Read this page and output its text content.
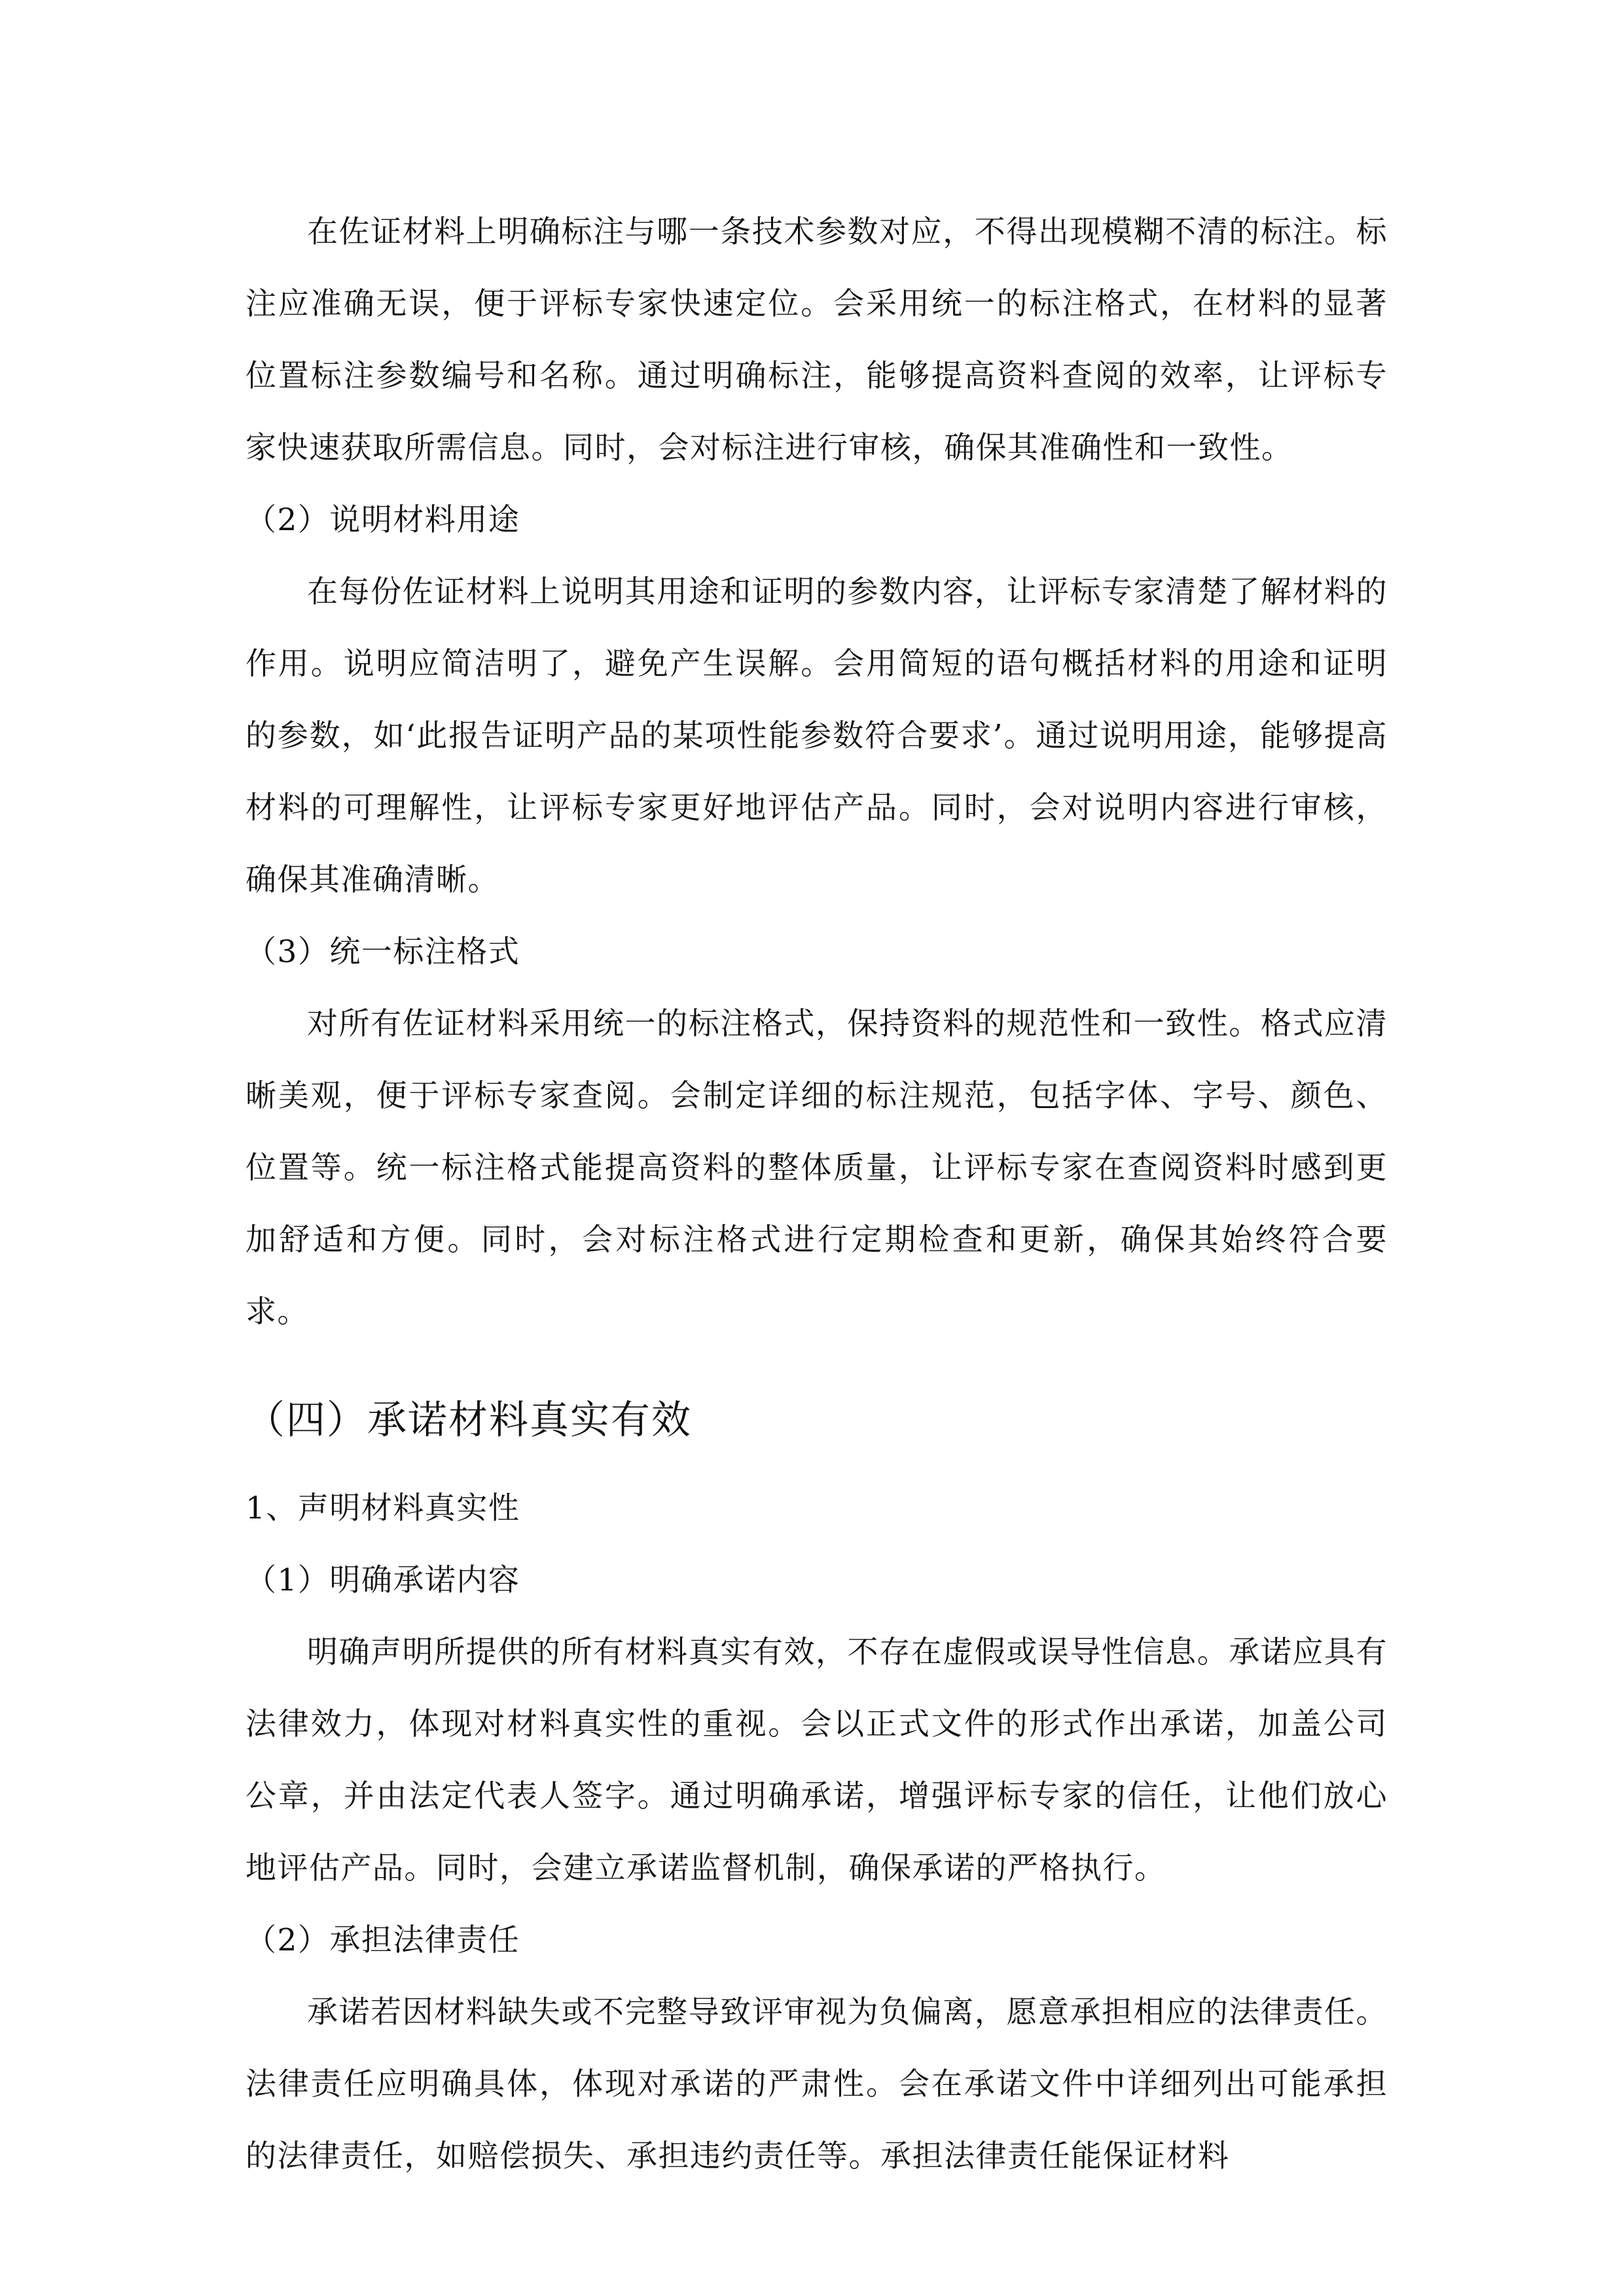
在佐证材料上明确标注与哪一条技术参数对应，不得出现模糊不清的标注。标注应准确无误，便于评标专家快速定位。会采用统一的标注格式，在材料的显著位置标注参数编号和名称。通过明确标注，能够提高资料查阅的效率，让评标专家快速获取所需信息。同时，会对标注进行审核，确保其准确性和一致性。

（2）说明材料用途

在每份佐证材料上说明其用途和证明的参数内容，让评标专家清楚了解材料的作用。说明应简洁明了，避免产生误解。会用简短的语句概括材料的用途和证明的参数，如‘此报告证明产品的某项性能参数符合要求’。通过说明用途，能够提高材料的可理解性，让评标专家更好地评估产品。同时，会对说明内容进行审核，确保其准确清晰。

（3）统一标注格式

对所有佐证材料采用统一的标注格式，保持资料的规范性和一致性。格式应清晰美观，便于评标专家查阅。会制定详细的标注规范，包括字体、字号、颜色、位置等。统一标注格式能提高资料的整体质量，让评标专家在查阅资料时感到更加舒适和方便。同时，会对标注格式进行定期检查和更新，确保其始终符合要求。

（四）承诺材料真实有效

1、声明材料真实性

（1）明确承诺内容

明确声明所提供的所有材料真实有效，不存在虚假或误导性信息。承诺应具有法律效力，体现对材料真实性的重视。会以正式文件的形式作出承诺，加盖公司公章，并由法定代表人签字。通过明确承诺，增强评标专家的信任，让他们放心地评估产品。同时，会建立承诺监督机制，确保承诺的严格执行。

（2）承担法律责任

承诺若因材料缺失或不完整导致评审视为负偏离，愿意承担相应的法律责任。法律责任应明确具体，体现对承诺的严肃性。会在承诺文件中详细列出可能承担的法律责任，如赔偿损失、承担违约责任等。承担法律责任能保证材料
